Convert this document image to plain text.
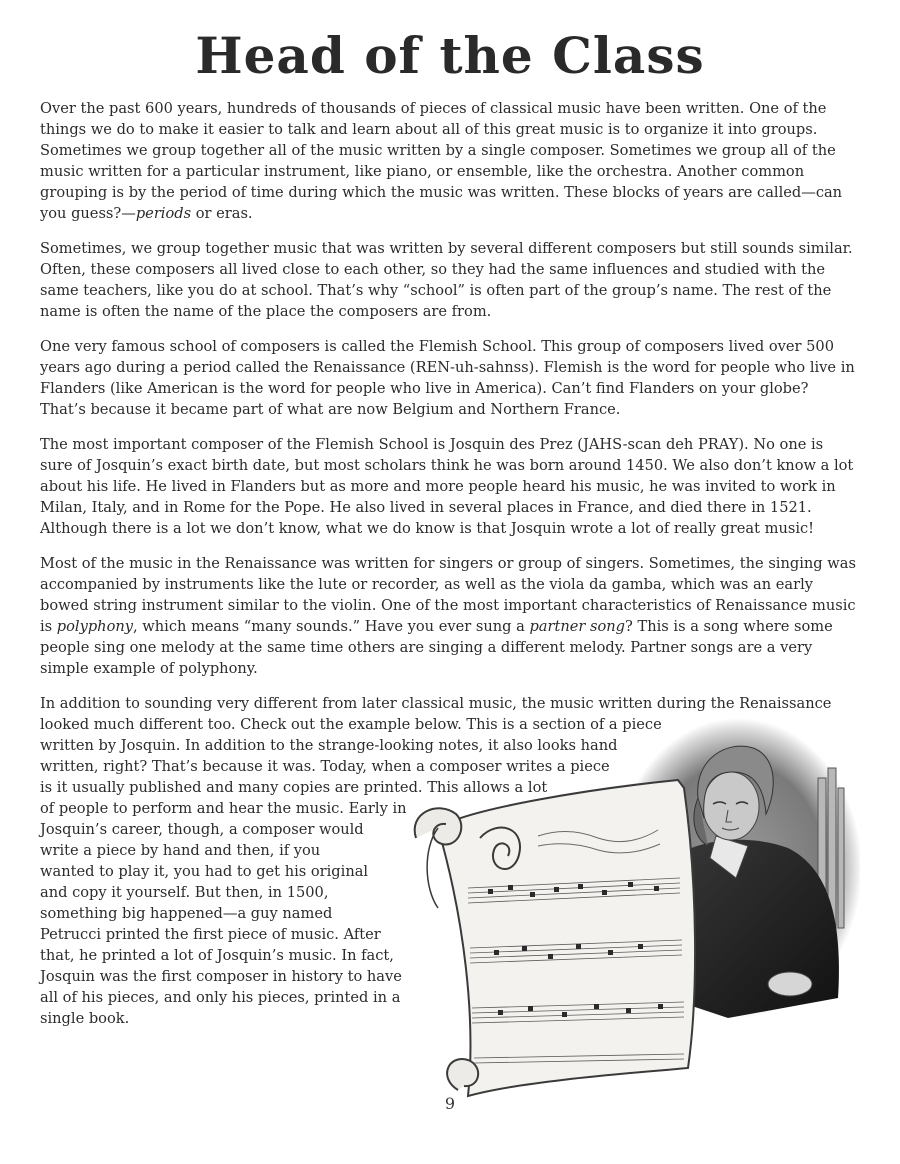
Head of the Class

Over the past 600 years, hundreds of thousands of pieces of classical music have been written. One of the things we do to make it easier to talk and learn about all of this great music is to organize it into groups. Sometimes we group together all of the music written by a single composer. Sometimes we group all of the music written for a particular instrument, like piano, or ensemble, like the orchestra. Another common grouping is by the period of time during which the music was written. These blocks of years are called—can you guess?—periods or eras.

Sometimes, we group together music that was written by several different composers but still sounds similar. Often, these composers all lived close to each other, so they had the same influences and studied with the same teachers, like you do at school. That’s why “school” is often part of the group’s name. The rest of the name is often the name of the place the composers are from.

One very famous school of composers is called the Flemish School. This group of composers lived over 500 years ago during a period called the Renaissance (REN-uh-sahnss). Flemish is the word for people who live in Flanders (like American is the word for people who live in America). Can’t find Flanders on your globe? That’s because it became part of what are now Belgium and Northern France.

The most important composer of the Flemish School is Josquin des Prez (JAHS-scan deh PRAY). No one is sure of Josquin’s exact birth date, but most scholars think he was born around 1450. We also don’t know a lot about his life. He lived in Flanders but as more and more people heard his music, he was invited to work in Milan, Italy, and in Rome for the Pope. He also lived in several places in France, and died there in 1521. Although there is a lot we don’t know, what we do know is that Josquin wrote a lot of really great music!

Most of the music in the Renaissance was written for singers or group of singers. Sometimes, the singing was accompanied by instruments like the lute or recorder, as well as the viola da gamba, which was an early bowed string instrument similar to the violin. One of the most important characteristics of Renaissance music is polyphony, which means “many sounds.” Have you ever sung a partner song? This is a song where some people sing one melody at the same time others are singing a different melody. Partner songs are a very simple example of polyphony.

In addition to sounding very different from later classical music, the music written during the Renaissance
looked much different too. Check out the example below. This is a section of a piece
written by Josquin. In addition to the strange-looking notes, it also looks hand
written, right? That’s because it was. Today, when a composer writes a piece
is it usually published and many copies are printed. This allows a lot
of people to perform and hear the music. Early in
Josquin’s career, though, a composer would
write a piece by hand and then, if you
wanted to play it, you had to get his original
and copy it yourself. But then, in 1500,
something big happened—a guy named
Petrucci printed the first piece of music. After
that, he printed a lot of Josquin’s music. In fact,
Josquin was the first composer in history to have
all of his pieces, and only his pieces, printed in a
single book.

9
